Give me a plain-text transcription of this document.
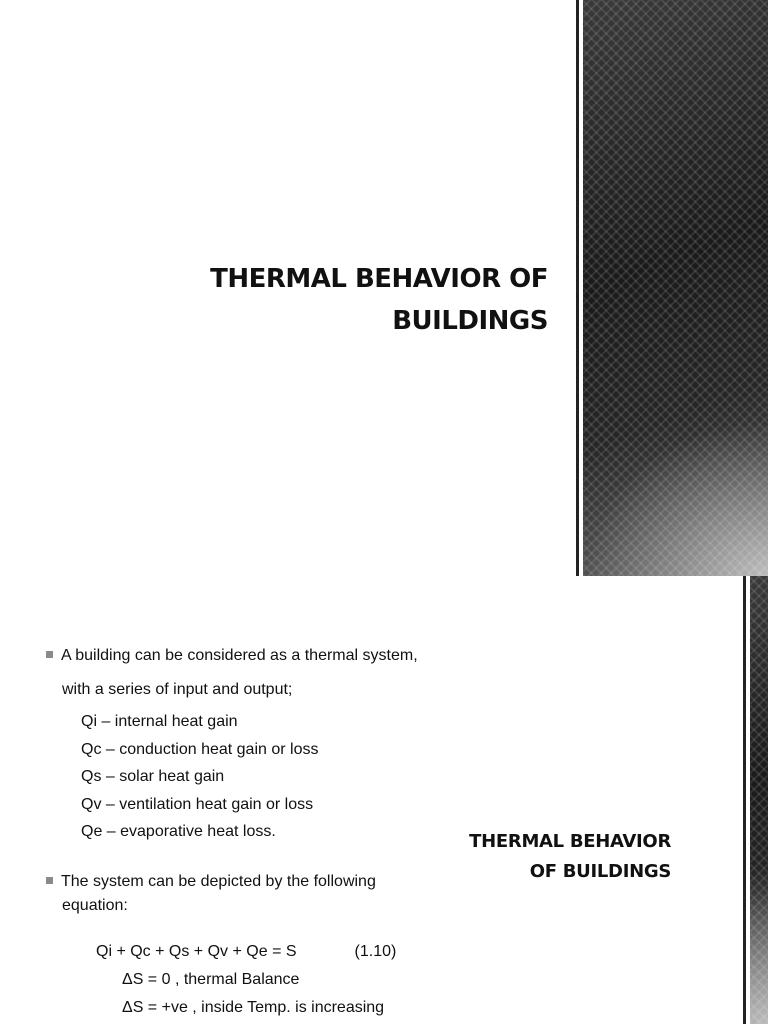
THERMAL BEHAVIOR OF
BUILDINGS
THERMAL BEHAVIOR
OF BUILDINGS
A building can be considered as a thermal system,
with a series of input and output;
Qi – internal heat gain
Qc – conduction heat gain or loss
Qs – solar heat gain
Qv – ventilation heat gain or loss
Qe – evaporative heat loss.
The system can be depicted by the following
equation:
Qi + Qc + Qs + Qv + Qe = S	(1.10)
ΔS = 0 , thermal Balance
ΔS = +ve , inside Temp. is increasing
